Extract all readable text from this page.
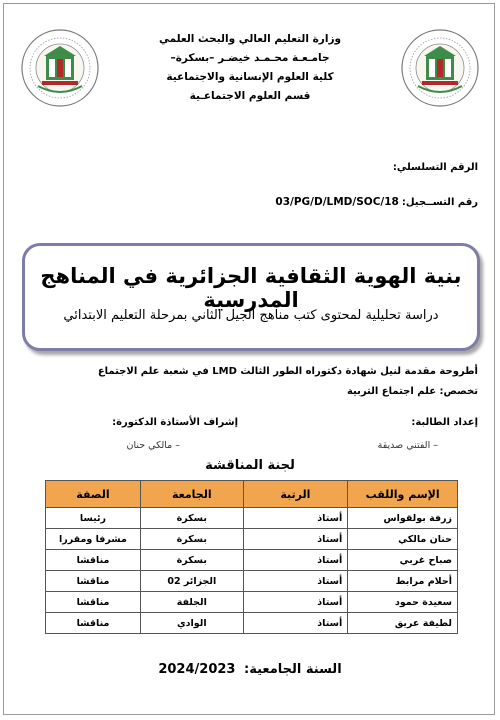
وزارة التعليم العالي والبحث العلمي
جامـعـة محـمـد خيضـر –بسكرة–
كلية العلوم الإنسانية والاجتماعية
قسم العلوم الاجتماعـية
الرقم التسلسلي:
رقم التســجيل:
03/PG/D/LMD/SOC/18
بنية الهوية الثقافية الجزائرية في المناهج المدرسية
دراسة تحليلية لمحتوى كتب مناهج الجيل الثاني بمرحلة التعليم الابتدائي
أطروحة مقدمة لنيل شهادة دكتوراه الطور الثالث LMD في شعبة علم الاجتماع
تخصص: علم اجتماع التربية
إعداد الطالبة:
إشراف الأستاذة الدكتورة:
– الفتني صديقة
– مالكي حنان
لجنة المناقشة
الإسم واللقب	الرتبة	الجامعة	الصفة
زرفة بولقواس	أستاذ	بسكرة	رئيسا
حنان مالكي	أستاذ	بسكرة	مشرفا ومقررا
صباح غربي	أستاذ	بسكرة	مناقشا
أحلام مرابط	أستاذ	الجزائر 02	مناقشا
سعيدة حمود	أستاذ	الجلفة	مناقشا
لطيفة عريق	أستاذ	الوادي	مناقشا
السنة الجامعية: 2024/2023
